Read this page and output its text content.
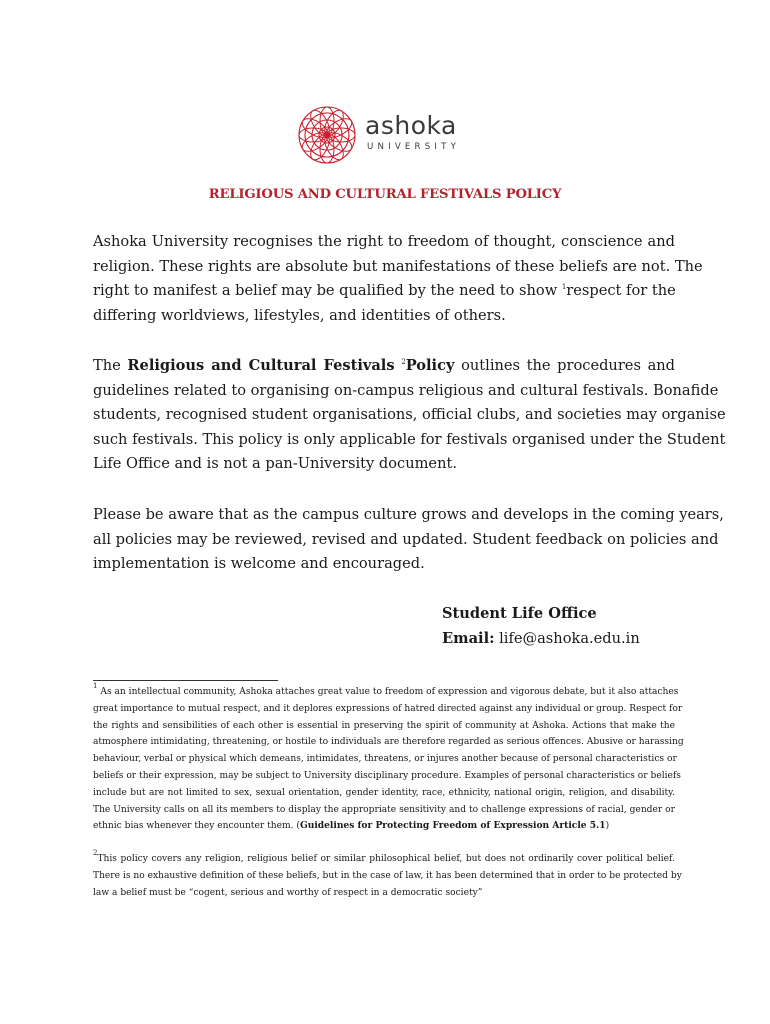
ashoka
UNIVERSITY
RELIGIOUS AND CULTURAL FESTIVALS POLICY

Ashoka University recognises the right to freedom of thought, conscience and
religion. These rights are absolute but manifestations of these beliefs are not. The
right to manifest a belief may be qualified by the need to show $^1$respect for the
differing worldviews, lifestyles, and identities of others.

The Religious and Cultural Festivals $^2$Policy outlines the procedures and
guidelines related to organising on-campus religious and cultural festivals. Bonafide
students, recognised student organisations, official clubs, and societies may organise
such festivals. This policy is only applicable for festivals organised under the Student
Life Office and is not a pan-University document.

Please be aware that as the campus culture grows and develops in the coming years,
all policies may be reviewed, revised and updated. Student feedback on policies and
implementation is welcome and encouraged.

Student Life Office
Email: life@ashoka.edu.in

$^1$ As an intellectual community, Ashoka attaches great value to freedom of expression and vigorous debate, but it also attaches
great importance to mutual respect, and it deplores expressions of hatred directed against any individual or group. Respect for
the rights and sensibilities of each other is essential in preserving the spirit of community at Ashoka. Actions that make the
atmosphere intimidating, threatening, or hostile to individuals are therefore regarded as serious offences. Abusive or harassing
behaviour, verbal or physical which demeans, intimidates, threatens, or injures another because of personal characteristics or
beliefs or their expression, may be subject to University disciplinary procedure. Examples of personal characteristics or beliefs
include but are not limited to sex, sexual orientation, gender identity, race, ethnicity, national origin, religion, and disability.
The University calls on all its members to display the appropriate sensitivity and to challenge expressions of racial, gender or
ethnic bias whenever they encounter them. (Guidelines for Protecting Freedom of Expression Article 5.1)

$^2$This policy covers any religion, religious belief or similar philosophical belief, but does not ordinarily cover political belief.
There is no exhaustive definition of these beliefs, but in the case of law, it has been determined that in order to be protected by
law a belief must be “cogent, serious and worthy of respect in a democratic society”
